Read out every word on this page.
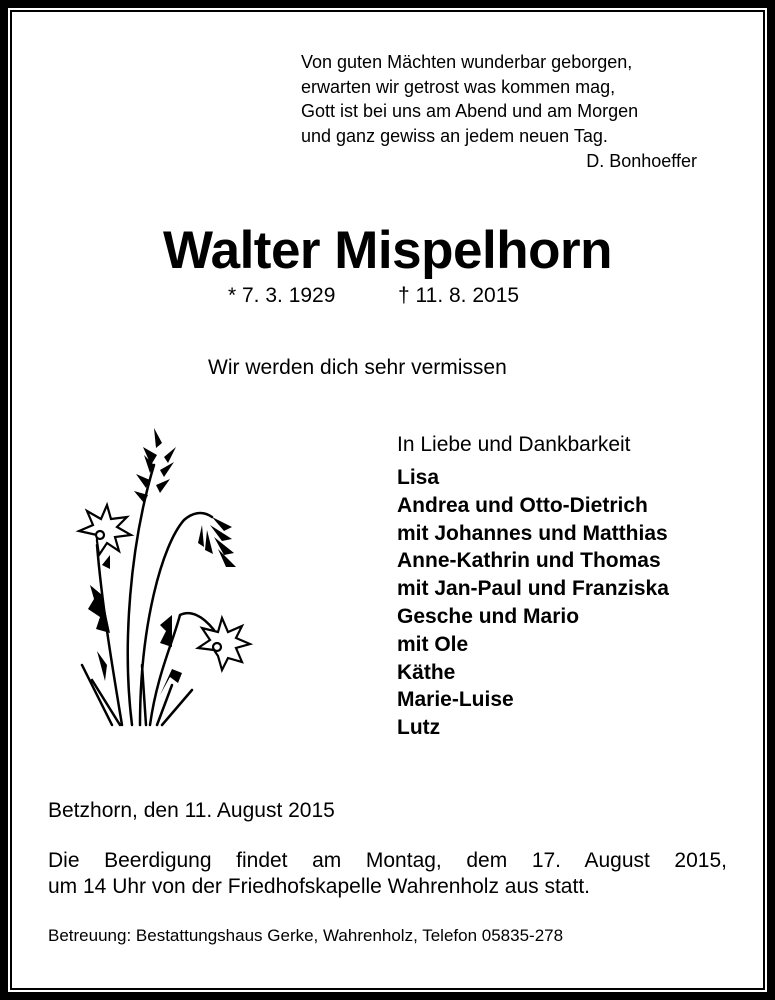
Von guten Mächten wunderbar geborgen,
erwarten wir getrost was kommen mag,
Gott ist bei uns am Abend und am Morgen
und ganz gewiss an jedem neuen Tag.
D. Bonhoeffer
Walter Mispelhorn
* 7. 3. 1929	† 11. 8. 2015
Wir werden dich sehr vermissen
In Liebe und Dankbarkeit
Lisa
Andrea und Otto-Dietrich
mit Johannes und Matthias
Anne-Kathrin und Thomas
mit Jan-Paul und Franziska
Gesche und Mario
mit Ole
Käthe
Marie-Luise
Lutz
Betzhorn, den 11. August 2015
Die Beerdigung findet am Montag, dem 17. August 2015,
um 14 Uhr von der Friedhofskapelle Wahrenholz aus statt.
Betreuung: Bestattungshaus Gerke, Wahrenholz, Telefon 05835-278
